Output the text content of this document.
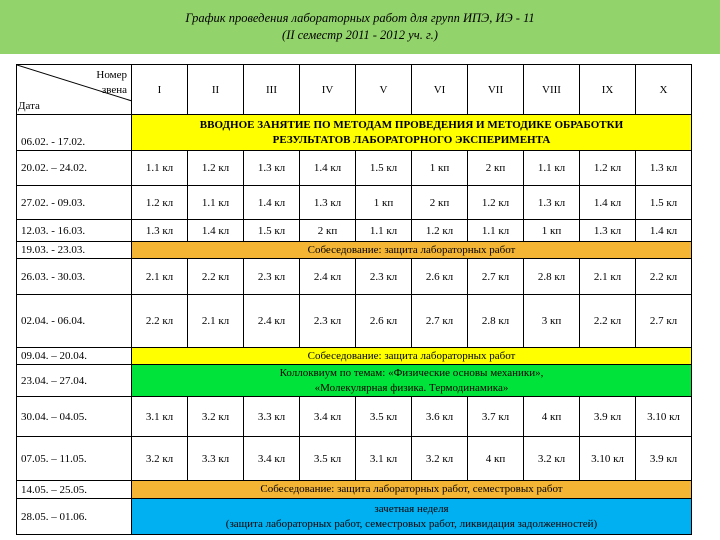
График проведения лабораторных работ для групп ИПЭ, ИЭ - 11
(II семестр 2011 - 2012 уч. г.)
Номер
звена	I	II	III	IV	V	VI	VII	VIII	IX	X
06.02. - 17.02.	ВВОДНОЕ ЗАНЯТИЕ ПО МЕТОДАМ ПРОВЕДЕНИЯ И МЕТОДИКЕ ОБРАБОТКИ
РЕЗУЛЬТАТОВ ЛАБОРАТОРНОГО ЭКСПЕРИМЕНТА									

20.02. – 24.02.	1.1 кл	1.2 кл	1.3 кл	1.4 кл	1.5 кл	1 кп	2 кп	1.1 кл	1.2 кл	1.3 кл
27.02. - 09.03.	1.2 кл	1.1 кл	1.4 кл	1.3 кл	1 кп	2 кп	1.2 кл	1.3 кл	1.4 кл	1.5 кл
12.03. - 16.03.	1.3 кл	1.4 кл	1.5 кл	2 кп	1.1 кл	1.2 кл	1.1 кл	1 кп	1.3 кл	1.4 кл
19.03. - 23.03.	Собеседование: защита лабораторных работ									

26.03. - 30.03.	2.1 кл	2.2 кл	2.3 кл	2.4 кл	2.3 кл	2.6 кл	2.7 кл	2.8 кл	2.1 кл	2.2 кл
02.04. - 06.04.	2.2 кл	2.1 кл	2.4 кл	2.3 кл	2.6 кл	2.7 кл	2.8 кл	3 кп	2.2 кл	2.7 кл
09.04. – 20.04.	Собеседование: защита лабораторных работ									

23.04. – 27.04.	Коллоквиум по темам: «Физические основы механики»,
«Молекулярная физика. Термодинамика»									

30.04. – 04.05.	3.1 кл	3.2 кл	3.3 кл	3.4 кл	3.5 кл	3.6 кл	3.7 кл	4 кп	3.9 кл	3.10 кл
07.05. – 11.05.	3.2 кл	3.3 кл	3.4 кл	3.5 кл	3.1 кл	3.2 кл	4 кп	3.2 кл	3.10 кл	3.9 кл
14.05. – 25.05.	Собеседование: защита лабораторных работ, семестровых работ									

28.05. – 01.06.	зачетная неделя
(защита лабораторных работ, семестровых работ, ликвидация задолженностей)									
Дата
